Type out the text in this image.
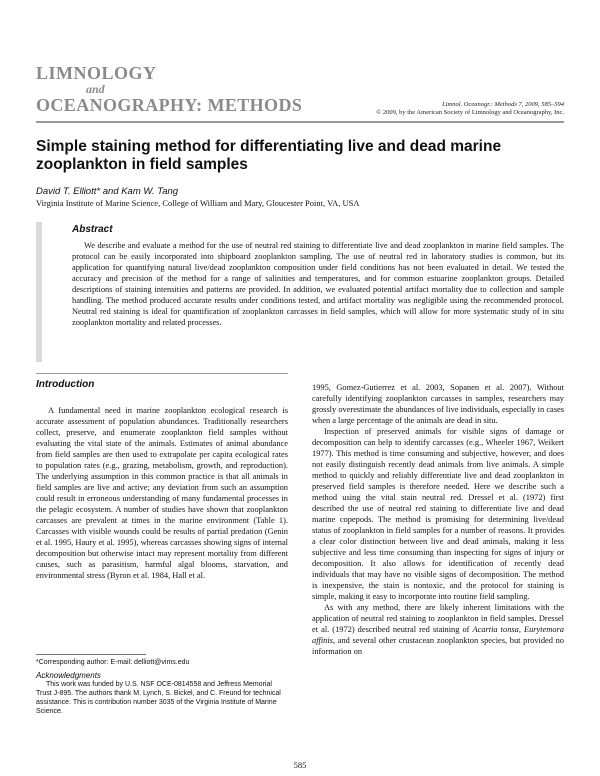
LIMNOLOGY
and
OCEANOGRAPHY: METHODS	Limnol. Oceanogr.: Methods 7, 2009, 585–594
© 2009, by the American Society of Limnology and Oceanography, Inc.
Simple staining method for differentiating live and dead marine zooplankton in field samples
David T. Elliott* and Kam W. Tang
Virginia Institute of Marine Science, College of William and Mary, Gloucester Point, VA, USA
Abstract
We describe and evaluate a method for the use of neutral red staining to differentiate live and dead zooplankton in marine field samples. The protocol can be easily incorporated into shipboard zooplankton sampling. The use of neutral red in laboratory studies is common, but its application for quantifying natural live/dead zooplankton composition under field conditions has not been evaluated in detail. We tested the accuracy and precision of the method for a range of salinities and temperatures, and for common estuarine zooplankton groups. Detailed descriptions of staining intensities and patterns are provided. In addition, we evaluated potential artifact mortality due to collection and sample handling. The method produced accurate results under conditions tested, and artifact mortality was negligible using the recommended protocol. Neutral red staining is ideal for quantification of zooplankton carcasses in field samples, which will allow for more systematic study of in situ zooplankton mortality and related processes.
Introduction

A fundamental need in marine zooplankton ecological research is accurate assessment of population abundances. Traditionally researchers collect, preserve, and enumerate zooplankton field samples without evaluating the vital state of the animals. Estimates of animal abundance from field samples are then used to extrapolate per capita ecological rates to population rates (e.g., grazing, metabolism, growth, and reproduction). The underlying assumption in this common practice is that all animals in field samples are live and active; any deviation from such an assumption could result in erroneous understanding of many fundamental processes in the pelagic ecosystem. A number of studies have shown that zooplankton carcasses are prevalent at times in the marine environment (Table 1). Carcasses with visible wounds could be results of partial predation (Genin et al. 1995, Haury et al. 1995), whereas carcasses showing signs of internal decomposition but otherwise intact may represent mortality from different causes, such as parasitism, harmful algal blooms, starvation, and environmental stress (Byron et al. 1984, Hall et al.

1995, Gomez-Gutierrez et al. 2003, Sopanen et al. 2007). Without carefully identifying zooplankton carcasses in samples, researchers may grossly overestimate the abundances of live individuals, especially in cases when a large percentage of the animals are dead in situ.

Inspection of preserved animals for visible signs of damage or decomposition can help to identify carcasses (e.g., Wheeler 1967, Weikert 1977). This method is time consuming and subjective, however, and does not easily distinguish recently dead animals from live animals. A simple method to quickly and reliably differentiate live and dead zooplankton in preserved field samples is therefore needed. Here we describe such a method using the vital stain neutral red. Dressel et al. (1972) first described the use of neutral red staining to differentiate live and dead marine copepods. The method is promising for determining live/dead status of zooplankton in field samples for a number of reasons. It provides a clear color distinction between live and dead animals, making it less subjective and less time consuming than inspecting for signs of injury or decomposition. It also allows for identification of recently dead individuals that may have no visible signs of decomposition. The method is inexpensive, the stain is nontoxic, and the protocol for staining is simple, making it easy to incorporate into routine field sampling.

As with any method, there are likely inherent limitations with the application of neutral red staining to zooplankton in field samples. Dressel et al. (1972) described neutral red staining of Acartia tonsa, Eurytemora affinis, and several other crustacean zooplankton species, but provided no information on

*Corresponding author: E-mail: delliott@vims.edu
Acknowledgments
This work was funded by U.S. NSF OCE-0814558 and Jeffress Memorial Trust J-895. The authors thank M. Lynch, S. Bickel, and C. Freund for technical assistance. This is contribution number 3035 of the Virginia Institute of Marine Science.
585
